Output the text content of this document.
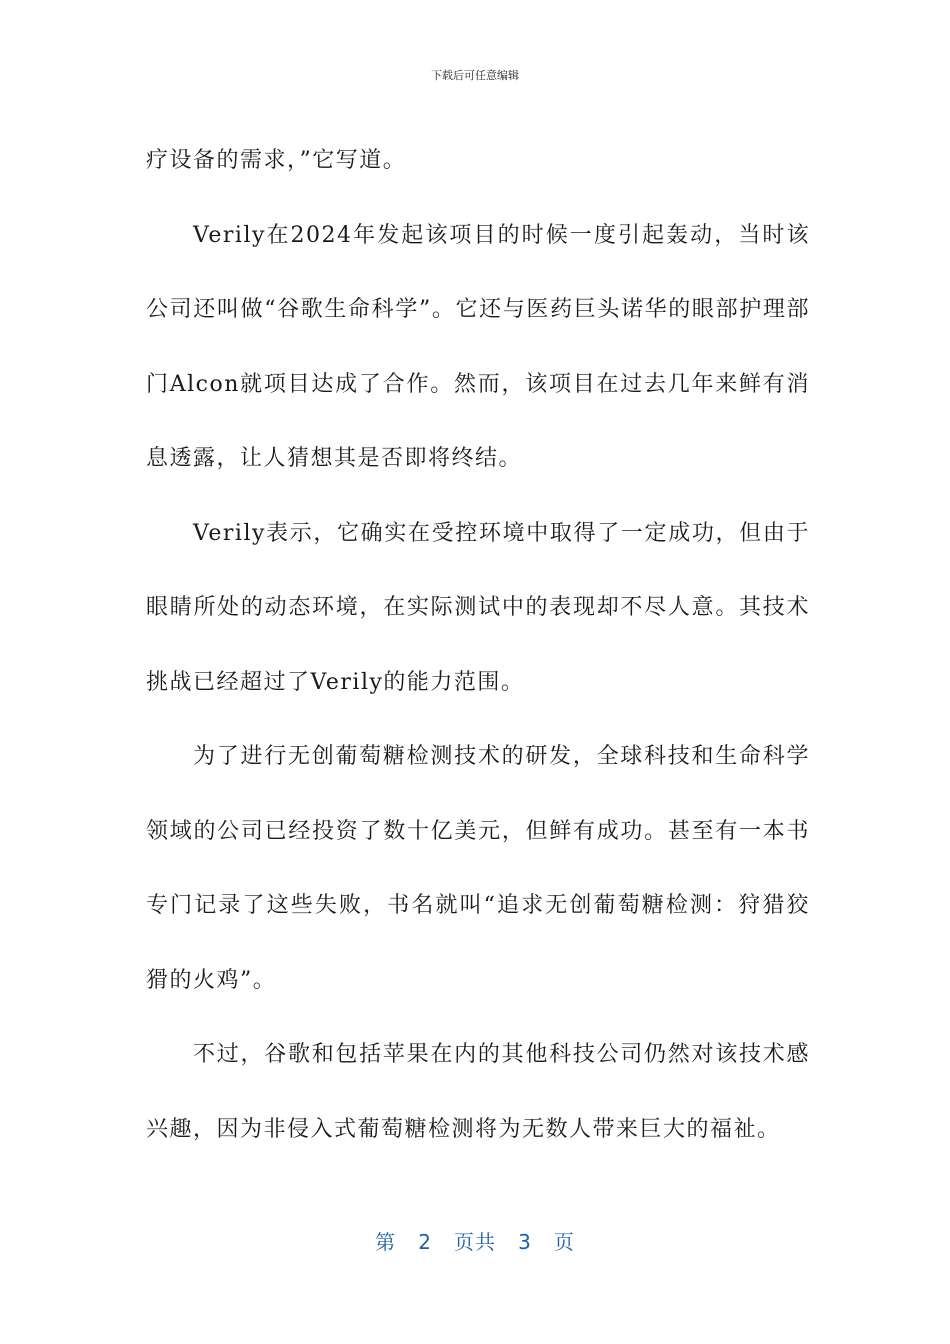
下载后可任意编辑

疗设备的需求，”它写道。

Verily在2024年发起该项目的时候一度引起轰动，当时该公司还叫做“谷歌生命科学”。它还与医药巨头诺华的眼部护理部门Alcon就项目达成了合作。然而，该项目在过去几年来鲜有消息透露，让人猜想其是否即将终结。

Verily表示，它确实在受控环境中取得了一定成功，但由于眼睛所处的动态环境，在实际测试中的表现却不尽人意。其技术挑战已经超过了Verily的能力范围。

为了进行无创葡萄糖检测技术的研发，全球科技和生命科学领域的公司已经投资了数十亿美元，但鲜有成功。甚至有一本书专门记录了这些失败，书名就叫“追求无创葡萄糖检测：狩猎狡猾的火鸡”。

不过，谷歌和包括苹果在内的其他科技公司仍然对该技术感兴趣，因为非侵入式葡萄糖检测将为无数人带来巨大的福祉。

第 2 页共 3 页
